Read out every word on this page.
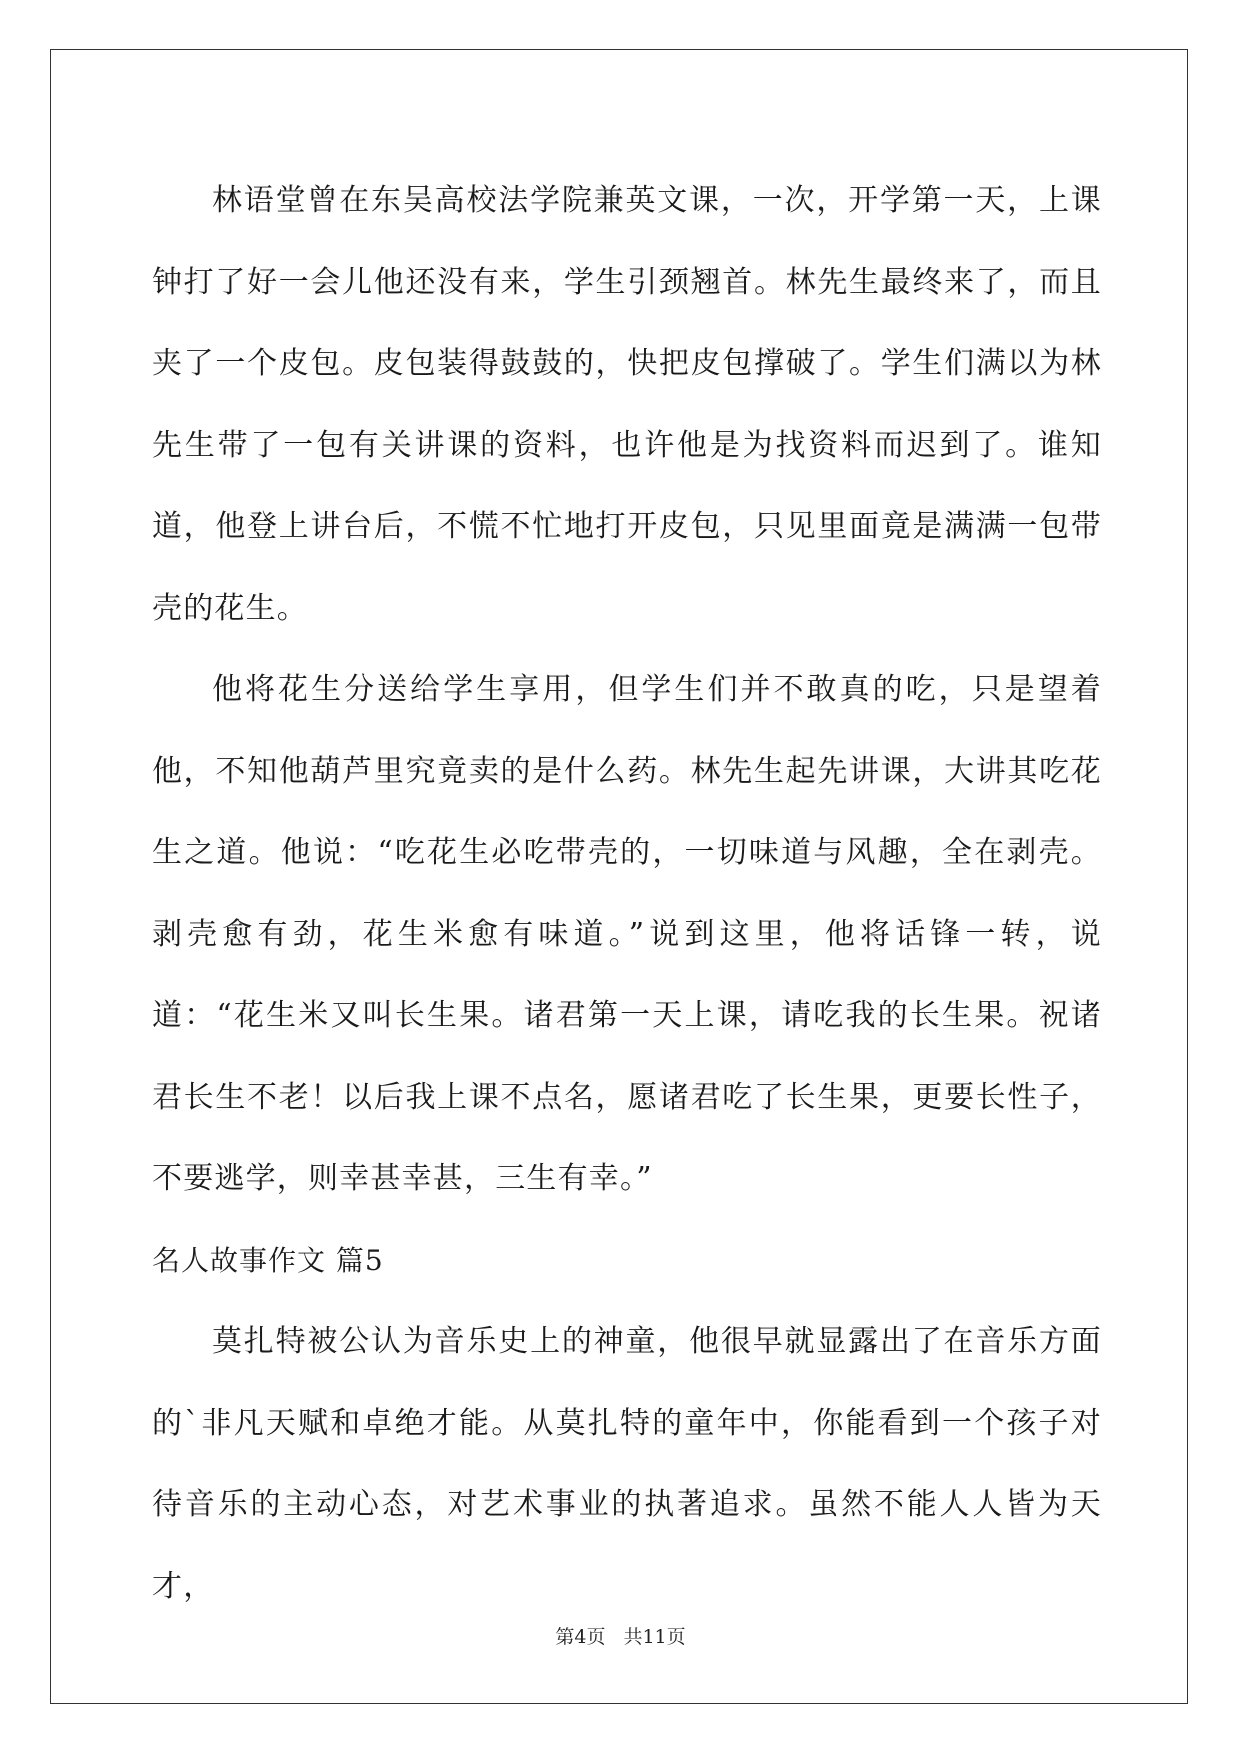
林语堂曾在东吴高校法学院兼英文课，一次，开学第一天，上课钟打了好一会儿他还没有来，学生引颈翘首。林先生最终来了，而且夹了一个皮包。皮包装得鼓鼓的，快把皮包撑破了。学生们满以为林先生带了一包有关讲课的资料，也许他是为找资料而迟到了。谁知道，他登上讲台后，不慌不忙地打开皮包，只见里面竟是满满一包带壳的花生。

他将花生分送给学生享用，但学生们并不敢真的吃，只是望着他，不知他葫芦里究竟卖的是什么药。林先生起先讲课，大讲其吃花生之道。他说：“吃花生必吃带壳的，一切味道与风趣，全在剥壳。剥壳愈有劲，花生米愈有味道。”说到这里，他将话锋一转，说道：“花生米又叫长生果。诸君第一天上课，请吃我的长生果。祝诸君长生不老！以后我上课不点名，愿诸君吃了长生果，更要长性子，不要逃学，则幸甚幸甚，三生有幸。”

名人故事作文 篇5

莫扎特被公认为音乐史上的神童，他很早就显露出了在音乐方面的`非凡天赋和卓绝才能。从莫扎特的童年中，你能看到一个孩子对待音乐的主动心态，对艺术事业的执著追求。虽然不能人人皆为天才，

第4页 共11页
